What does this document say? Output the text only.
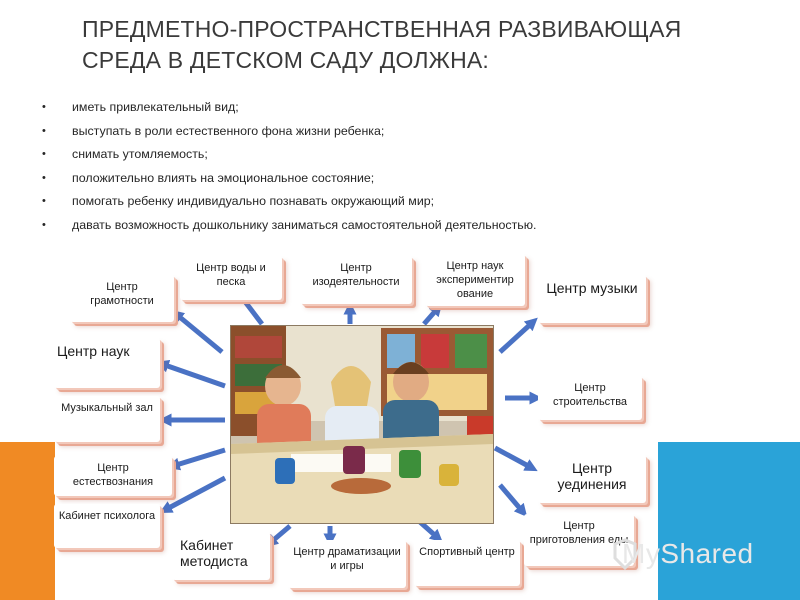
ПРЕДМЕТНО-ПРОСТРАНСТВЕННАЯ РАЗВИВАЮЩАЯ
СРЕДА В ДЕТСКОМ САДУ ДОЛЖНА:
• иметь привлекательный вид;
• выступать в роли естественного фона жизни ребенка;
• снимать утомляемость;
• положительно влиять на эмоциональное состояние;
• помогать ребенку индивидуально познавать окружающий мир;
• давать возможность дошкольнику заниматься самостоятельной деятельностью.
Центр грамотности
Центр воды и песка
Центр изодеятельности
Центр наук экспериментир ование	Центр музыки
Центр наук
Центр строительства
Музыкальный зал
Центр естествознания
Центр уединения
Кабинет психолога
Кабинет методиста
Центр драматизации и игры
Спортивный центр
Центр приготовления еды
MyShared
